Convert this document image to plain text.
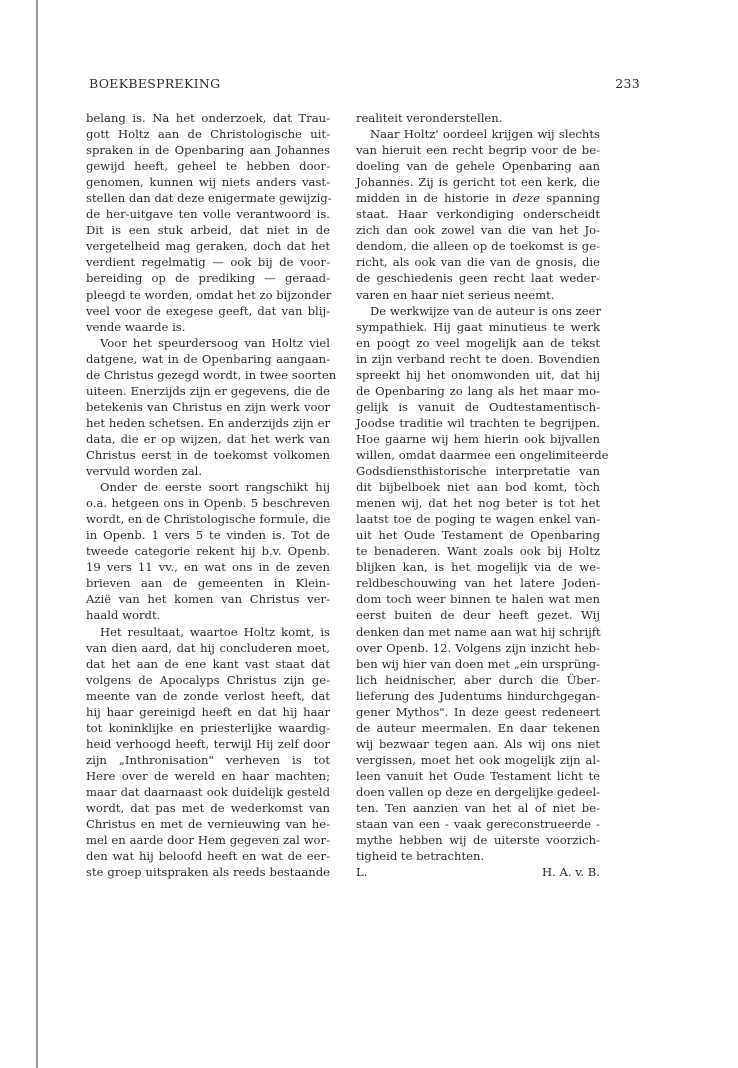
BOEKBESPREKING	233
belang is. Na het onderzoek, dat Trau-
gott Holtz aan de Christologische uit-
spraken in de Openbaring aan Johannes
gewijd heeft, geheel te hebben door-
genomen, kunnen wij niets anders vast-
stellen dan dat deze enigermate gewijzig-
de her-uitgave ten volle verantwoord is.
Dit is een stuk arbeid, dat niet in de
vergetelheid mag geraken, doch dat het
verdient regelmatig — ook bij de voor-
bereiding op de prediking — geraad-
pleegd te worden, omdat het zo bijzonder
veel voor de exegese geeft, dat van blij-
vende waarde is.
Voor het speurdersoog van Holtz viel
datgene, wat in de Openbaring aangaan-
de Christus gezegd wordt, in twee soorten
uiteen. Enerzijds zijn er gegevens, die de
betekenis van Christus en zijn werk voor
het heden schetsen. En anderzijds zijn er
data, die er op wijzen, dat het werk van
Christus eerst in de toekomst volkomen
vervuld worden zal.
Onder de eerste soort rangschikt hij
o.a. hetgeen ons in Openb. 5 beschreven
wordt, en de Christologische formule, die
in Openb. 1 vers 5 te vinden is. Tot de
tweede categorie rekent hij b.v. Openb.
19 vers 11 vv., en wat ons in de zeven
brieven aan de gemeenten in Klein-
Azië van het komen van Christus ver-
haald wordt.
Het resultaat, waartoe Holtz komt, is
van dien aard, dat hij concluderen moet,
dat het aan de ene kant vast staat dat
volgens de Apocalyps Christus zijn ge-
meente van de zonde verlost heeft, dat
hij haar gereinigd heeft en dat hij haar
tot koninklijke en priesterlijke waardig-
heid verhoogd heeft, terwijl Hij zelf door
zijn „Inthronisation" verheven is tot
Here over de wereld en haar machten;
maar dat daarnaast ook duidelijk gesteld
wordt, dat pas met de wederkomst van
Christus en met de vernieuwing van he-
mel en aarde door Hem gegeven zal wor-
den wat hij beloofd heeft en wat de eer-
ste groep uitspraken als reeds bestaande
realiteit veronderstellen.
Naar Holtz' oordeel krijgen wij slechts
van hieruit een recht begrip voor de be-
doeling van de gehele Openbaring aan
Johannes. Zij is gericht tot een kerk, die
midden in de historie in deze spanning
staat. Haar verkondiging onderscheidt
zich dan ook zowel van die van het Jo-
dendom, die alleen op de toekomst is ge-
richt, als ook van die van de gnosis, die
de geschiedenis geen recht laat weder-
varen en haar niet serieus neemt.
De werkwijze van de auteur is ons zeer
sympathiek. Hij gaat minutieus te werk
en poogt zo veel mogelijk aan de tekst
in zijn verband recht te doen. Bovendien
spreekt hij het onomwonden uit, dat hij
de Openbaring zo lang als het maar mo-
gelijk is vanuit de Oudtestamentisch-
Joodse traditie wil trachten te begrijpen.
Hoe gaarne wij hem hierin ook bijvallen
willen, omdat daarmee een ongelimiteerde
Godsdiensthistorische interpretatie van
dit bijbelboek niet aan bod komt, tòch
menen wij, dat het nog beter is tot het
laatst toe de poging te wagen enkel van-
uit het Oude Testament de Openbaring
te benaderen. Want zoals ook bij Holtz
blijken kan, is het mogelijk via de we-
reldbeschouwing van het latere Joden-
dom toch weer binnen te halen wat men
eerst buiten de deur heeft gezet. Wij
denken dan met name aan wat hij schrijft
over Openb. 12. Volgens zijn inzicht heb-
ben wij hier van doen met „ein ursprüng-
lich heidnischer, aber durch die Über-
lieferung des Judentums hindurchgegan-
gener Mythos". In deze geest redeneert
de auteur meermalen. En daar tekenen
wij bezwaar tegen aan. Als wij ons niet
vergissen, moet het ook mogelijk zijn al-
leen vanuit het Oude Testament licht te
doen vallen op deze en dergelijke gedeel-
ten. Ten aanzien van het al of niet be-
staan van een - vaak gereconstrueerde -
mythe hebben wij de uiterste voorzich-
tigheid te betrachten.
L.	H. A. v. B.
